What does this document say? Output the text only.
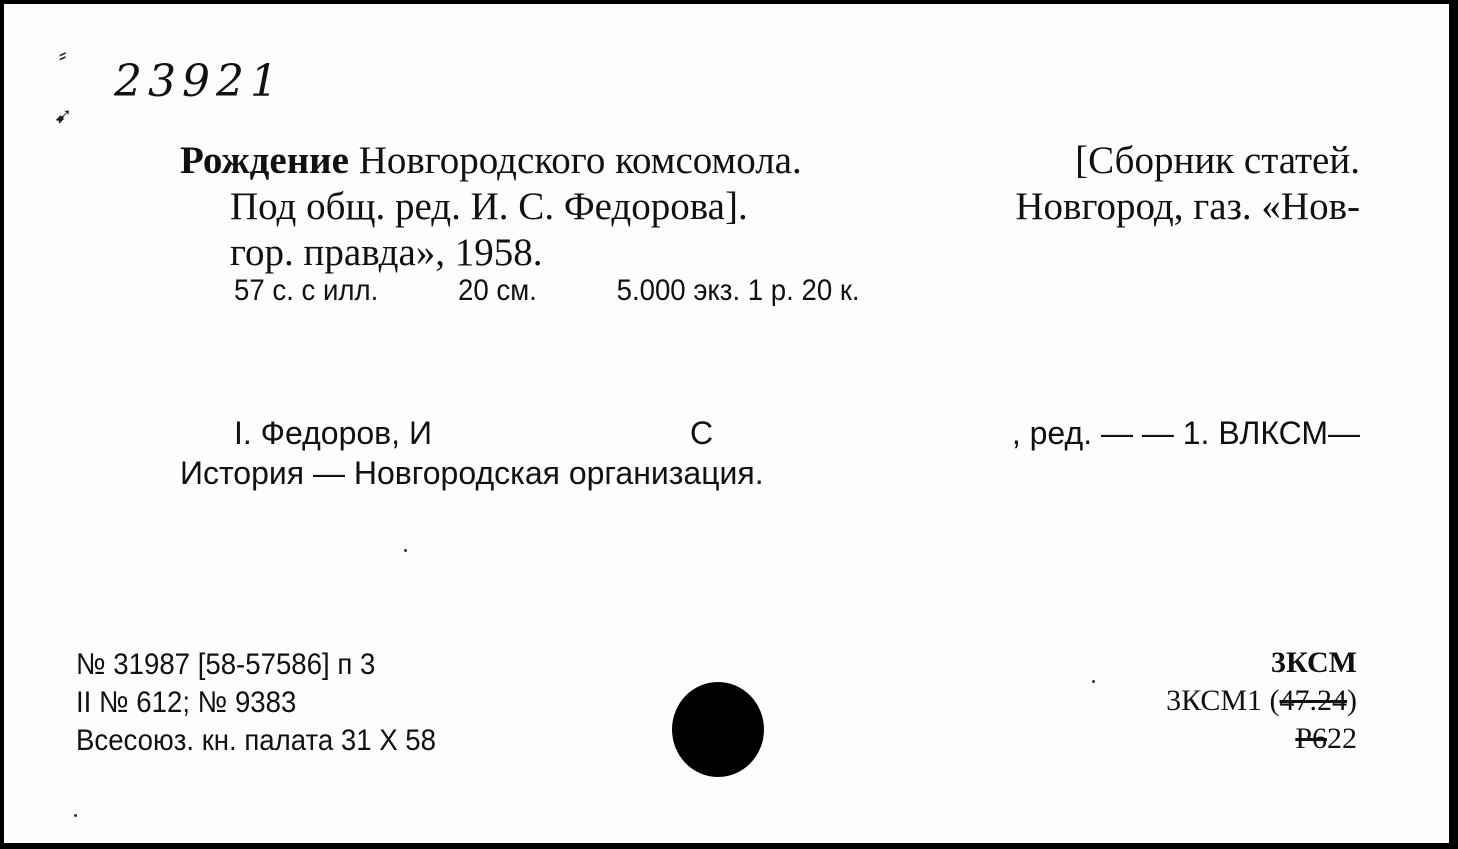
⸗
➹
23921
Рождение Новгородского комсомола.	[Сборник статей.
Под общ. ред. И. С. Федорова].	Новгород, газ. «Нов-
гор. правда», 1958.
57 с. с илл.	20 см.	5.000 экз. 1 р. 20 к.
I. Федоров, И	С	, ред. — — 1. ВЛКСМ—
История — Новгородская организация.
№ 31987 [58-57586] п 3
II № 612; № 9383
Всесоюз. кн. палата 31 X 58
3КСМ
3КСМ1 (47.24)
Р622
